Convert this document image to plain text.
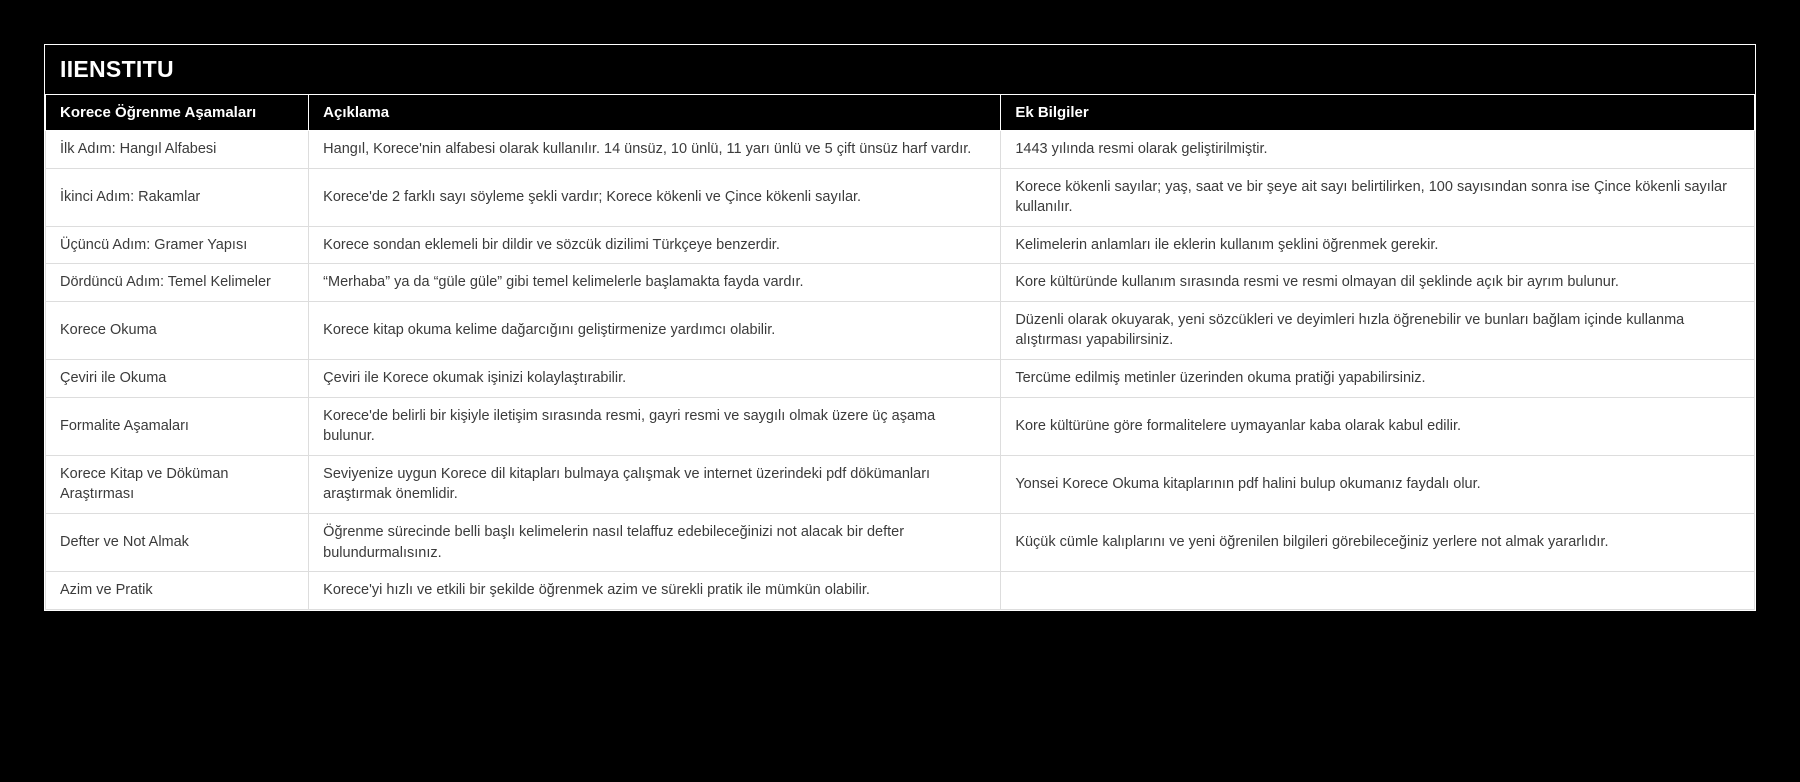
IIENSTITU
Korece Öğrenme Aşamaları	Açıklama	Ek Bilgiler
İlk Adım: Hangıl Alfabesi	Hangıl, Korece'nin alfabesi olarak kullanılır. 14 ünsüz, 10 ünlü, 11 yarı ünlü ve 5 çift ünsüz harf vardır.	1443 yılında resmi olarak geliştirilmiştir.
İkinci Adım: Rakamlar	Korece'de 2 farklı sayı söyleme şekli vardır; Korece kökenli ve Çince kökenli sayılar.	Korece kökenli sayılar; yaş, saat ve bir şeye ait sayı belirtilirken, 100 sayısından sonra ise Çince kökenli sayılar kullanılır.
Üçüncü Adım: Gramer Yapısı	Korece sondan eklemeli bir dildir ve sözcük dizilimi Türkçeye benzerdir.	Kelimelerin anlamları ile eklerin kullanım şeklini öğrenmek gerekir.
Dördüncü Adım: Temel Kelimeler	“Merhaba” ya da “güle güle” gibi temel kelimelerle başlamakta fayda vardır.	Kore kültüründe kullanım sırasında resmi ve resmi olmayan dil şeklinde açık bir ayrım bulunur.
Korece Okuma	Korece kitap okuma kelime dağarcığını geliştirmenize yardımcı olabilir.	Düzenli olarak okuyarak, yeni sözcükleri ve deyimleri hızla öğrenebilir ve bunları bağlam içinde kullanma alıştırması yapabilirsiniz.
Çeviri ile Okuma	Çeviri ile Korece okumak işinizi kolaylaştırabilir.	Tercüme edilmiş metinler üzerinden okuma pratiği yapabilirsiniz.
Formalite Aşamaları	Korece'de belirli bir kişiyle iletişim sırasında resmi, gayri resmi ve saygılı olmak üzere üç aşama bulunur.	Kore kültürüne göre formalitelere uymayanlar kaba olarak kabul edilir.
Korece Kitap ve Döküman Araştırması	Seviyenize uygun Korece dil kitapları bulmaya çalışmak ve internet üzerindeki pdf dökümanları araştırmak önemlidir.	Yonsei Korece Okuma kitaplarının pdf halini bulup okumanız faydalı olur.
Defter ve Not Almak	Öğrenme sürecinde belli başlı kelimelerin nasıl telaffuz edebileceğinizi not alacak bir defter bulundurmalısınız.	Küçük cümle kalıplarını ve yeni öğrenilen bilgileri görebileceğiniz yerlere not almak yararlıdır.
Azim ve Pratik	Korece'yi hızlı ve etkili bir şekilde öğrenmek azim ve sürekli pratik ile mümkün olabilir.	
